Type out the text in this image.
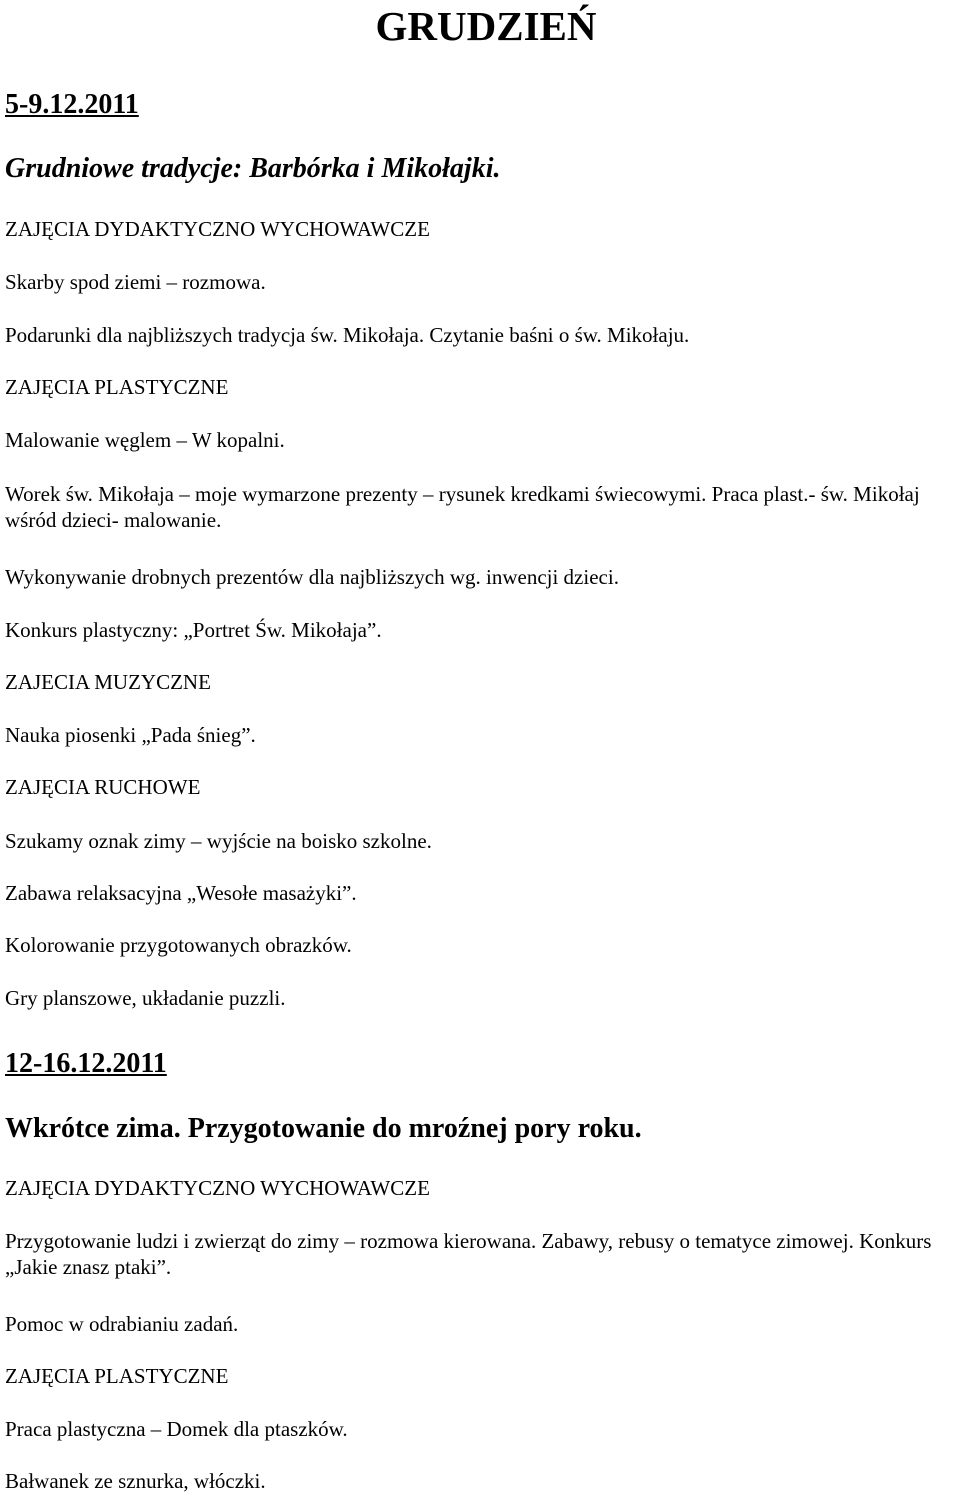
GRUDZIEŃ
5-9.12.2011
Grudniowe tradycje: Barbórka i Mikołajki.
ZAJĘCIA DYDAKTYCZNO WYCHOWAWCZE
Skarby spod ziemi – rozmowa.
Podarunki dla najbliższych tradycja św. Mikołaja. Czytanie baśni o św. Mikołaju.
ZAJĘCIA PLASTYCZNE
Malowanie węglem – W kopalni.
Worek św. Mikołaja – moje wymarzone prezenty – rysunek kredkami świecowymi. Praca plast.- św. Mikołaj wśród dzieci- malowanie.
Wykonywanie drobnych prezentów dla najbliższych wg. inwencji dzieci.
Konkurs plastyczny: „Portret Św. Mikołaja”.
ZAJECIA MUZYCZNE
Nauka piosenki „Pada śnieg”.
ZAJĘCIA RUCHOWE
Szukamy oznak zimy – wyjście na boisko szkolne.
Zabawa relaksacyjna „Wesołe masażyki”.
Kolorowanie przygotowanych obrazków.
Gry planszowe, układanie puzzli.
12-16.12.2011
Wkrótce zima. Przygotowanie do mroźnej pory roku.
ZAJĘCIA DYDAKTYCZNO WYCHOWAWCZE
Przygotowanie ludzi i zwierząt do zimy – rozmowa kierowana. Zabawy, rebusy o tematyce zimowej. Konkurs „Jakie znasz ptaki”.
Pomoc w odrabianiu zadań.
ZAJĘCIA PLASTYCZNE
Praca plastyczna – Domek dla ptaszków.
Bałwanek ze sznurka, włóczki.
